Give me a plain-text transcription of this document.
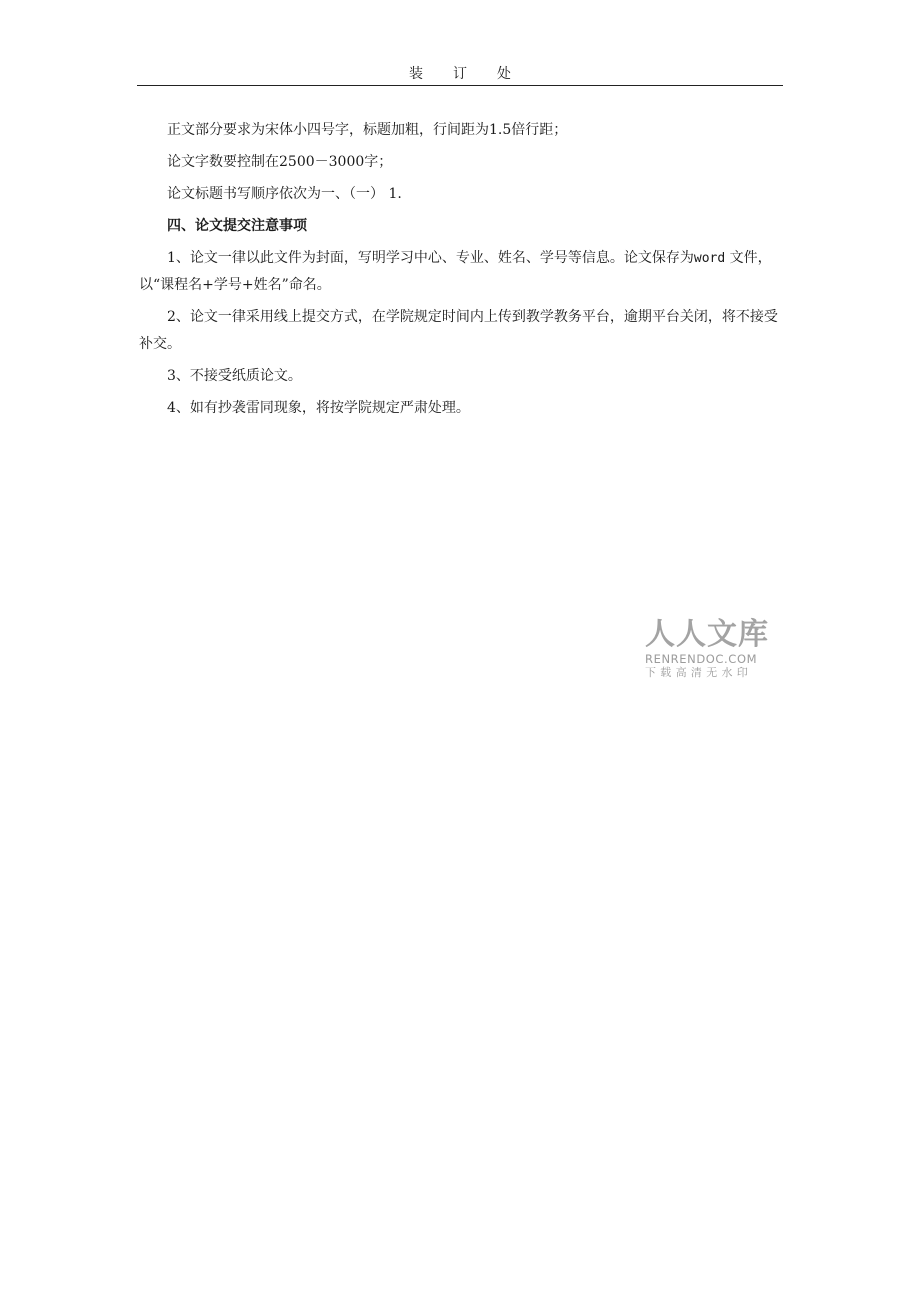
装订处

正文部分要求为宋体小四号字，标题加粗，行间距为1.5倍行距；

论文字数要控制在2500－3000字；

论文标题书写顺序依次为一、（一） 1.

四、论文提交注意事项

1、论文一律以此文件为封面，写明学习中心、专业、姓名、学号等信息。论文保存为word 文件，以“课程名+学号+姓名”命名。

2、论文一律采用线上提交方式，在学院规定时间内上传到教学教务平台，逾期平台关闭，将不接受补交。

3、不接受纸质论文。

4、如有抄袭雷同现象，将按学院规定严肃处理。

人人文库
RENRENDOC.COM
下载高清无水印
